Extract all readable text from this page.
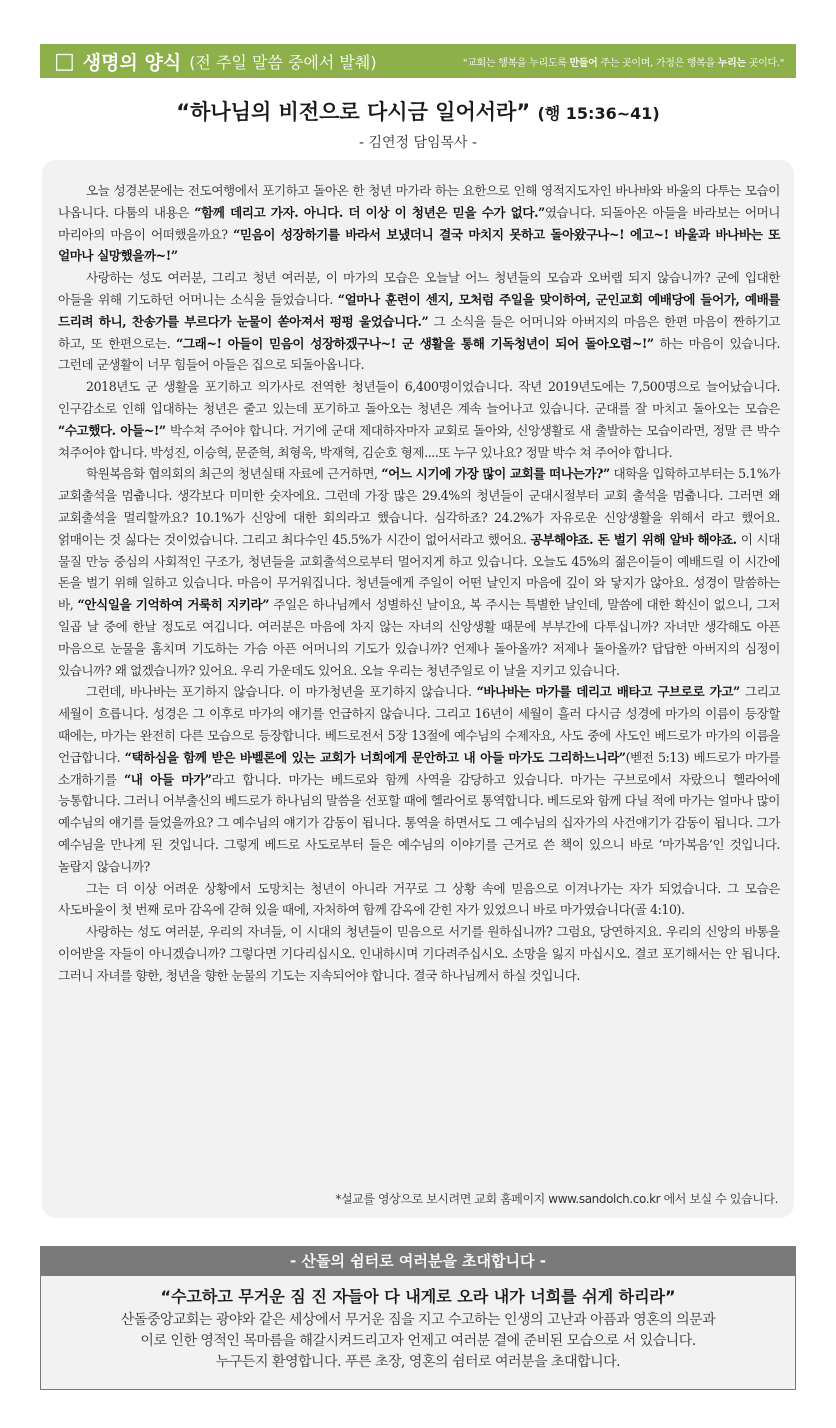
□ 생명의 양식 (전 주일 말씀 중에서 발췌)	"교회는 행복을 누리도록 만들어 주는 곳이며, 가정은 행복을 누리는 곳이다."
“하나님의 비전으로 다시금 일어서라” (행 15:36~41)
- 김연정 담임목사 -

오늘 성경본문에는 전도여행에서 포기하고 돌아온 한 청년 마가라 하는 요한으로 인해 영적지도자인 바나바와 바울의 다투는 모습이 나옵니다. 다툼의 내용은 “함께 데리고 가자. 아니다. 더 이상 이 청년은 믿을 수가 없다.”였습니다. 되돌아온 아들을 바라보는 어머니 마리아의 마음이 어떠했을까요? “믿음이 성장하기를 바라서 보냈더니 결국 마치지 못하고 돌아왔구나~! 에고~! 바울과 바나바는 또 얼마나 실망했을까~!”

사랑하는 성도 여러분, 그리고 청년 여러분, 이 마가의 모습은 오늘날 어느 청년들의 모습과 오버랩 되지 않습니까? 군에 입대한 아들을 위해 기도하던 어머니는 소식을 들었습니다. “얼마나 훈련이 센지, 모처럼 주일을 맞이하여, 군인교회 예배당에 들어가, 예배를 드리려 하니, 찬송가를 부르다가 눈물이 쏟아져서 펑펑 울었습니다.” 그 소식을 들은 어머니와 아버지의 마음은 한편 마음이 짠하기고 하고, 또 한편으로는. “그래~! 아들이 믿음이 성장하겠구나~! 군 생활을 통해 기독청년이 되어 돌아오렴~!” 하는 마음이 있습니다. 그런데 군생활이 너무 힘들어 아들은 집으로 되돌아옵니다.

2018년도 군 생활을 포기하고 의가사로 전역한 청년들이 6,400명이었습니다. 작년 2019년도에는 7,500명으로 늘어났습니다. 인구감소로 인해 입대하는 청년은 줄고 있는데 포기하고 돌아오는 청년은 계속 늘어나고 있습니다. 군대를 잘 마치고 돌아오는 모습은 “수고했다. 아들~!” 박수쳐 주어야 합니다. 거기에 군대 제대하자마자 교회로 돌아와, 신앙생활로 새 출발하는 모습이라면, 정말 큰 박수 쳐주어야 합니다. 박성진, 이승혁, 문준혁, 최형욱, 박재혁, 김순호 형제....또 누구 있나요? 정말 박수 쳐 주어야 합니다.

학원복음화 협의회의 최근의 청년실태 자료에 근거하면, “어느 시기에 가장 많이 교회를 떠나는가?” 대학을 입학하고부터는 5.1%가 교회출석을 멈춥니다. 생각보다 미미한 숫자에요. 그런데 가장 많은 29.4%의 청년들이 군대시절부터 교회 출석을 멈춥니다. 그러면 왜 교회출석을 멀리할까요? 10.1%가 신앙에 대한 회의라고 했습니다. 심각하죠? 24.2%가 자유로운 신앙생활을 위해서 라고 했어요. 얽매이는 것 싫다는 것이었습니다. 그리고 최다수인 45.5%가 시간이 없어서라고 했어요. 공부해야죠. 돈 벌기 위해 알바 해야죠. 이 시대 물질 만능 중심의 사회적인 구조가, 청년들을 교회출석으로부터 멀어지게 하고 있습니다. 오늘도 45%의 젊은이들이 예배드릴 이 시간에 돈을 벌기 위해 일하고 있습니다. 마음이 무거워집니다. 청년들에게 주일이 어떤 날인지 마음에 깊이 와 닿지가 않아요. 성경이 말씀하는 바, “안식일을 기억하여 거룩히 지키라” 주일은 하나님께서 성별하신 날이요, 복 주시는 특별한 날인데, 말씀에 대한 확신이 없으니, 그저 일곱 날 중에 한날 정도로 여깁니다. 여러분은 마음에 차지 않는 자녀의 신앙생활 때문에 부부간에 다투십니까? 자녀만 생각해도 아픈 마음으로 눈물을 훔치며 기도하는 가슴 아픈 어머니의 기도가 있습니까? 언제나 돌아올까? 저제나 돌아올까? 답답한 아버지의 심정이 있습니까? 왜 없겠습니까? 있어요. 우리 가운데도 있어요. 오늘 우리는 청년주일로 이 날을 지키고 있습니다.

그런데, 바나바는 포기하지 않습니다. 이 마가청년을 포기하지 않습니다. “바나바는 마가를 데리고 배타고 구브로로 가고” 그리고 세월이 흐릅니다. 성경은 그 이후로 마가의 얘기를 언급하지 않습니다. 그리고 16년이 세월이 흘러 다시금 성경에 마가의 이름이 등장할 때에는, 마가는 완전히 다른 모습으로 등장합니다. 베드로전서 5장 13절에 예수님의 수제자요, 사도 중에 사도인 베드로가 마가의 이름을 언급합니다. “택하심을 함께 받은 바벨론에 있는 교회가 너희에게 문안하고 내 아들 마가도 그리하느니라”(벧전 5:13) 베드로가 마가를 소개하기를 “내 아들 마가”라고 합니다. 마가는 베드로와 함께 사역을 감당하고 있습니다. 마가는 구브로에서 자랐으니 헬라어에 능통합니다. 그러니 어부출신의 베드로가 하나님의 말씀을 선포할 때에 헬라어로 통역합니다. 베드로와 함께 다닐 적에 마가는 얼마나 많이 예수님의 얘기를 들었을까요? 그 예수님의 얘기가 감동이 됩니다. 통역을 하면서도 그 예수님의 십자가의 사건얘기가 감동이 됩니다. 그가 예수님을 만나게 된 것입니다. 그렇게 베드로 사도로부터 들은 예수님의 이야기를 근거로 쓴 책이 있으니 바로 ‘마가복음’인 것입니다. 놀랍지 않습니까?

그는 더 이상 어려운 상황에서 도망치는 청년이 아니라 거꾸로 그 상황 속에 믿음으로 이겨나가는 자가 되었습니다. 그 모습은 사도바울이 첫 번째 로마 감옥에 갇혀 있을 때에, 자처하여 함께 감옥에 갇힌 자가 있었으니 바로 마가였습니다(골 4:10).

사랑하는 성도 여러분, 우리의 자녀들, 이 시대의 청년들이 믿음으로 서기를 원하십니까? 그럼요, 당연하지요. 우리의 신앙의 바통을 이어받을 자들이 아니겠습니까? 그렇다면 기다리십시오. 인내하시며 기다려주십시오. 소망을 잃지 마십시오. 결코 포기해서는 안 됩니다. 그러니 자녀를 향한, 청년을 향한 눈물의 기도는 지속되어야 합니다. 결국 하나님께서 하실 것입니다.

*설교를 영상으로 보시려면 교회 홈페이지 www.sandolch.co.kr 에서 보실 수 있습니다.
- 산돌의 쉼터로 여러분을 초대합니다 -
“수고하고 무거운 짐 진 자들아 다 내게로 오라 내가 너희를 쉬게 하리라”
산돌중앙교회는 광야와 같은 세상에서 무거운 짐을 지고 수고하는 인생의 고난과 아픔과 영혼의 의문과
이로 인한 영적인 목마름을 해갈시켜드리고자 언제고 여러분 곁에 준비된 모습으로 서 있습니다.
누구든지 환영합니다. 푸른 초장, 영혼의 쉼터로 여러분을 초대합니다.
